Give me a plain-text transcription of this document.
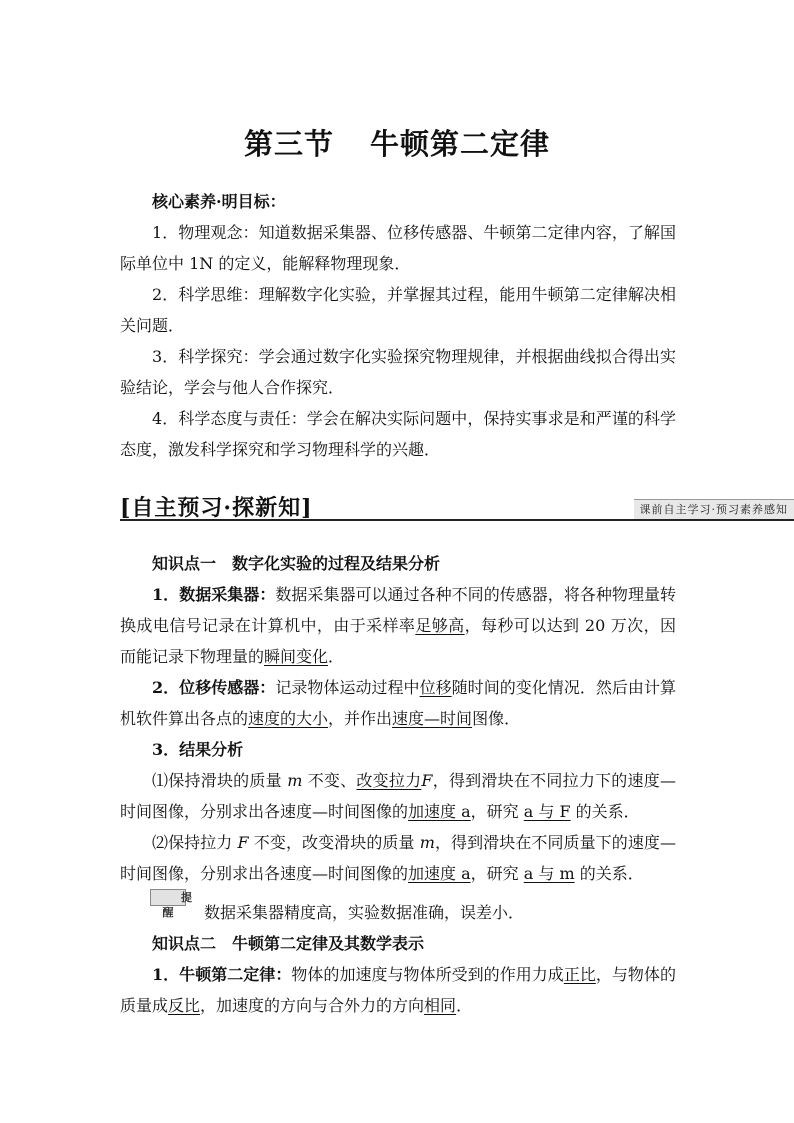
第三节 牛顿第二定律

核心素养·明目标：

1．物理观念：知道数据采集器、位移传感器、牛顿第二定律内容，了解国际单位中 1N 的定义，能解释物理现象．

2．科学思维：理解数字化实验，并掌握其过程，能用牛顿第二定律解决相关问题．

3．科学探究：学会通过数字化实验探究物理规律，并根据曲线拟合得出实验结论，学会与他人合作探究．

4．科学态度与责任：学会在解决实际问题中，保持实事求是和严谨的科学态度，激发科学探究和学习物理科学的兴趣．

[自主预习·探新知]	课前自主学习·预习素养感知

知识点一　数字化实验的过程及结果分析

1．数据采集器：数据采集器可以通过各种不同的传感器，将各种物理量转换成电信号记录在计算机中，由于采样率足够高，每秒可以达到 20 万次，因而能记录下物理量的瞬间变化．

2．位移传感器：记录物体运动过程中位移随时间的变化情况．然后由计算机软件算出各点的速度的大小，并作出速度—时间图像．

3．结果分析

⑴保持滑块的质量 m 不变、改变拉力F，得到滑块在不同拉力下的速度—时间图像，分别求出各速度—时间图像的加速度 a，研究 a 与 F 的关系．

⑵保持拉力 F 不变，改变滑块的质量 m，得到滑块在不同质量下的速度—时间图像，分别求出各速度—时间图像的加速度 a，研究 a 与 m 的关系．

提醒 数据采集器精度高，实验数据准确，误差小．

知识点二　牛顿第二定律及其数学表示

1．牛顿第二定律：物体的加速度与物体所受到的作用力成正比，与物体的质量成反比，加速度的方向与合外力的方向相同．
